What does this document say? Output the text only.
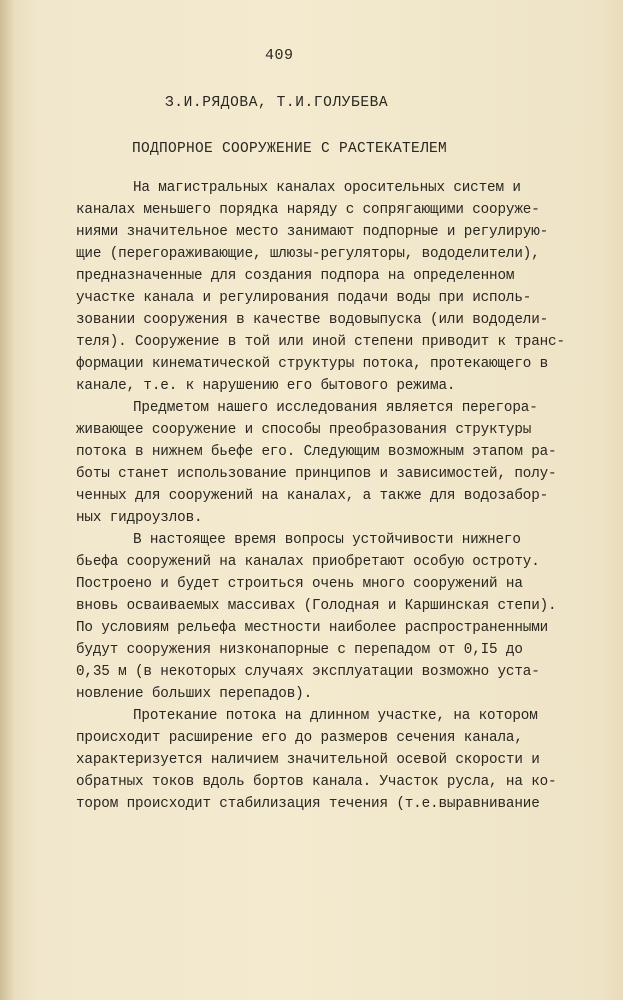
409
З.И.РЯДОВА, Т.И.ГОЛУБЕВА
ПОДПОРНОЕ СООРУЖЕНИЕ С РАСТЕКАТЕЛЕМ
На магистральных каналах оросительных систем и
каналах меньшего порядка наряду с сопрягающими сооруже-
ниями значительное место занимают подпорные и регулирую-
щие (перегораживающие, шлюзы-регуляторы, вододелители),
предназначенные для создания подпора на определенном
участке канала и регулирования подачи воды при исполь-
зовании сооружения в качестве водовыпуска (или вододели-
теля). Сооружение в той или иной степени приводит к транс-
формации кинематической структуры потока, протекающего в
канале, т.е. к нарушению его бытового режима.
Предметом нашего исследования является перегора-
живающее сооружение и способы преобразования структуры
потока в нижнем бьефе его. Следующим возможным этапом ра-
боты станет использование принципов и зависимостей, полу-
ченных для сооружений на каналах, а также для водозабор-
ных гидроузлов.
В настоящее время вопросы устойчивости нижнего
бьефа сооружений на каналах приобретают особую остроту.
Построено и будет строиться очень много сооружений на
вновь осваиваемых массивах (Голодная и Каршинская степи).
По условиям рельефа местности наиболее распространенными
будут сооружения низконапорные с перепадом от 0,I5 до
0,35 м (в некоторых случаях эксплуатации возможно уста-
новление больших перепадов).
Протекание потока на длинном участке, на котором
происходит расширение его до размеров сечения канала,
характеризуется наличием значительной осевой скорости и
обратных токов вдоль бортов канала. Участок русла, на ко-
тором происходит стабилизация течения (т.е.выравнивание
